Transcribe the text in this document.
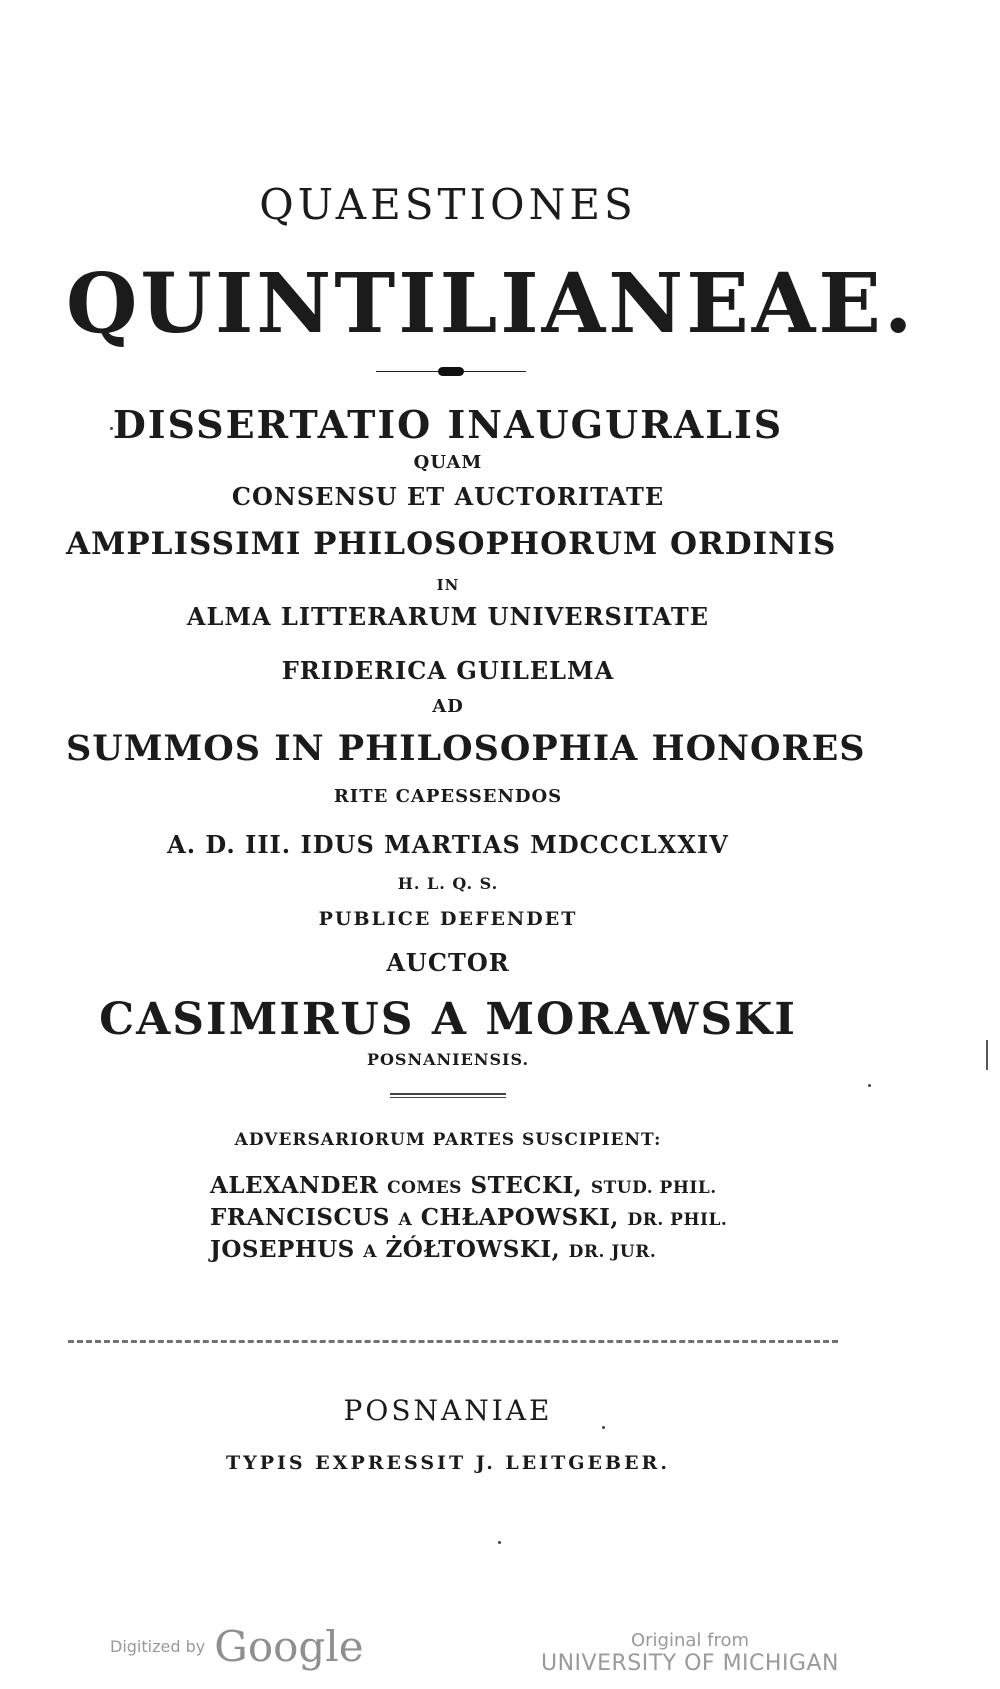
QUAESTIONES
QUINTILIANEAE.
DISSERTATIO INAUGURALIS
QUAM
CONSENSU ET AUCTORITATE
AMPLISSIMI PHILOSOPHORUM ORDINIS
IN
ALMA LITTERARUM UNIVERSITATE
FRIDERICA GUILELMA
AD
SUMMOS IN PHILOSOPHIA HONORES
RITE CAPESSENDOS
A. D. III. IDUS MARTIAS MDCCCLXXIV
H. L. Q. S.
PUBLICE DEFENDET
AUCTOR
CASIMIRUS A MORAWSKI
POSNANIENSIS.
ADVERSARIORUM PARTES SUSCIPIENT:
ALEXANDER COMES STECKI, STUD. PHIL.
FRANCISCUS A CHŁAPOWSKI, DR. PHIL.
JOSEPHUS A ŻÓŁTOWSKI, DR. JUR.
POSNANIAE
TYPIS EXPRESSIT J. LEITGEBER.
Digitized by Google	Original from
UNIVERSITY OF MICHIGAN
